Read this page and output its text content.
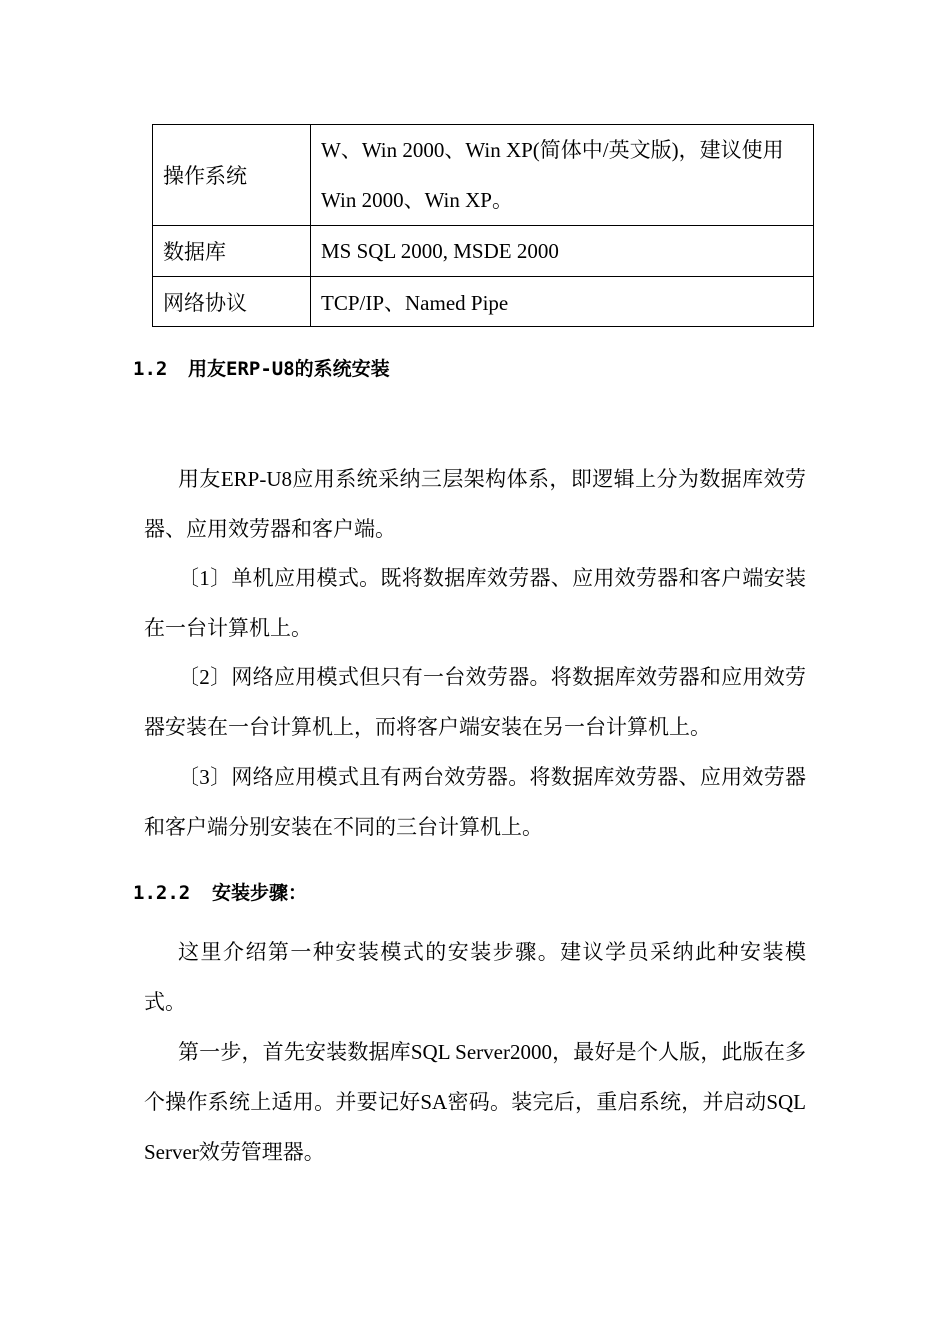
操作系统	W、Win 2000、Win XP(简体中/英文版)，建议使用Win 2000、Win XP。
数据库	MS SQL 2000, MSDE 2000
网络协议	TCP/IP、Named Pipe
1.2 用友ERP-U8的系统安装

用友ERP-U8应用系统采纳三层架构体系，即逻辑上分为数据库效劳器、应用效劳器和客户端。

〔1〕单机应用模式。既将数据库效劳器、应用效劳器和客户端安装在一台计算机上。

〔2〕网络应用模式但只有一台效劳器。将数据库效劳器和应用效劳器安装在一台计算机上，而将客户端安装在另一台计算机上。

〔3〕网络应用模式且有两台效劳器。将数据库效劳器、应用效劳器和客户端分别安装在不同的三台计算机上。

1.2.2 安装步骤：

这里介绍第一种安装模式的安装步骤。建议学员采纳此种安装模式。

第一步，首先安装数据库SQL Server2000，最好是个人版，此版在多个操作系统上适用。并要记好SA密码。装完后，重启系统，并启动SQL Server效劳管理器。
